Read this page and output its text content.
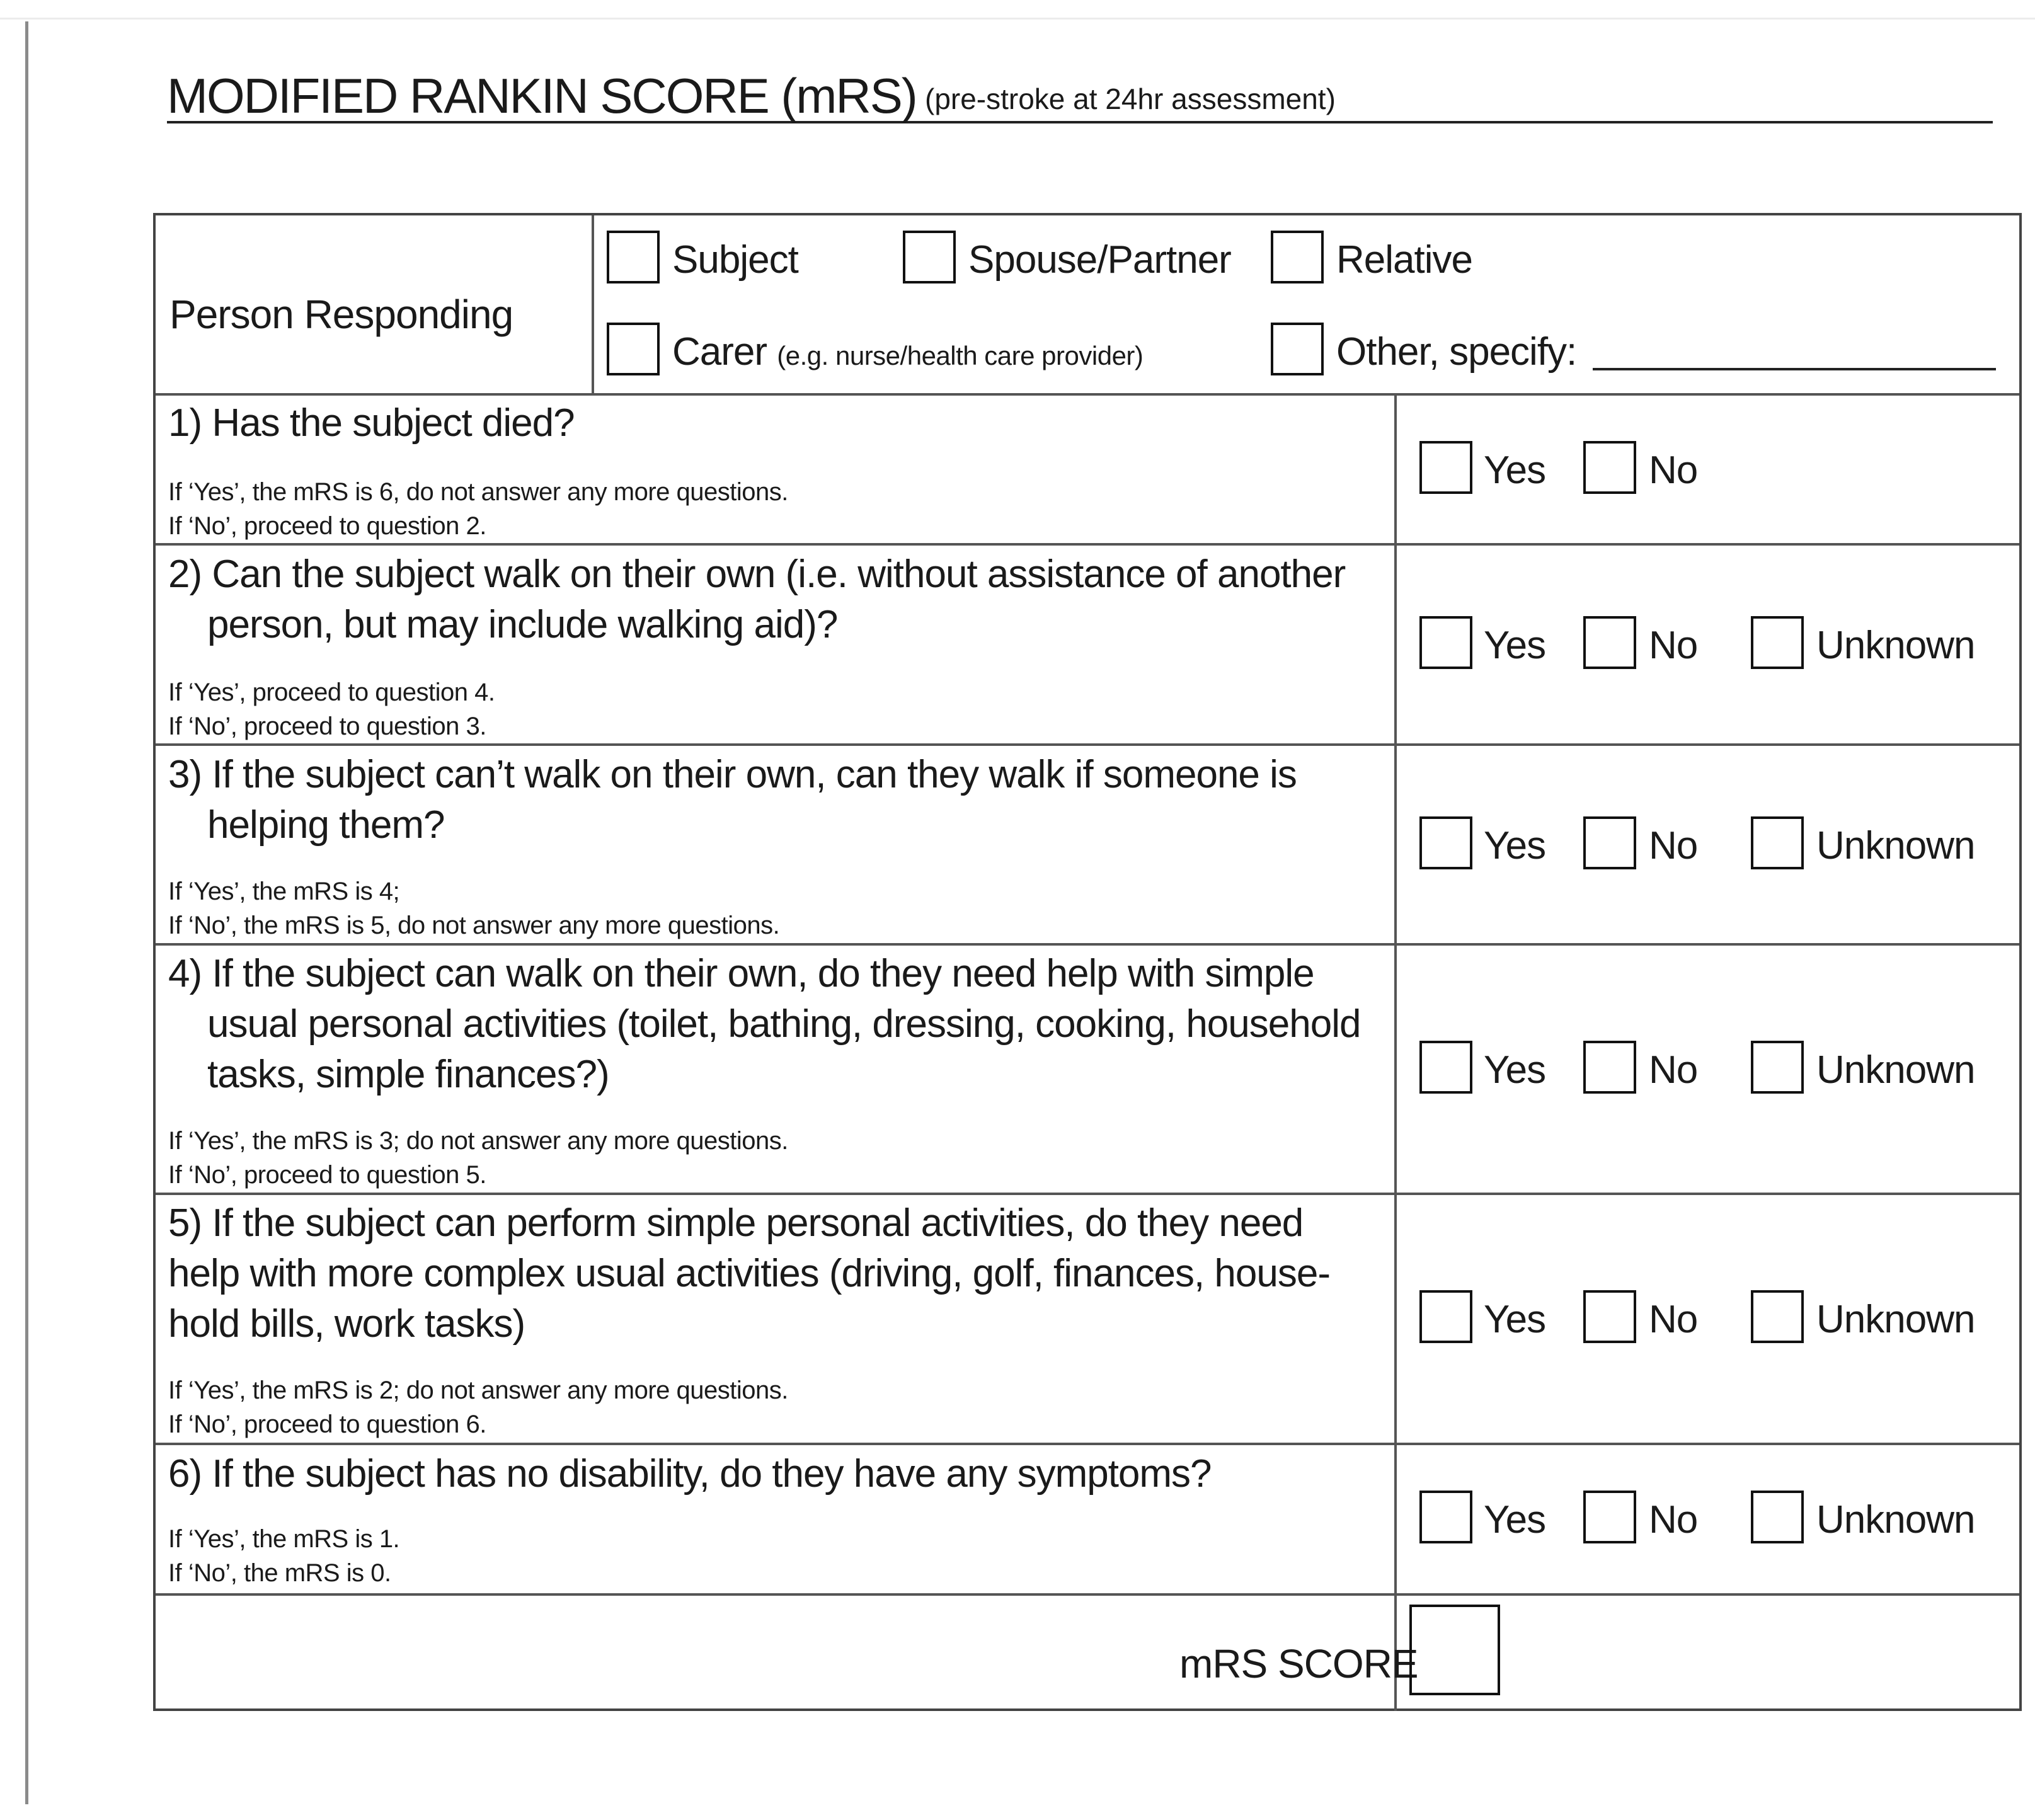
MODIFIED RANKIN SCORE (mRS) (pre-stroke at 24hr assessment)
Person Responding
Subject	Spouse/Partner	Relative
Carer (e.g. nurse/health care provider)	Other, specify:
1) Has the subject died?
If ‘Yes’, the mRS is 6, do not answer any more questions.
If ‘No’, proceed to question 2.
Yes	No
2) Can the subject walk on their own (i.e. without assistance of another
person, but may include walking aid)?
If ‘Yes’, proceed to question 4.
If ‘No’, proceed to question 3.
Yes	No	Unknown
3) If the subject can’t walk on their own, can they walk if someone is
helping them?
If ‘Yes’, the mRS is 4;
If ‘No’, the mRS is 5, do not answer any more questions.
Yes	No	Unknown
4) If the subject can walk on their own, do they need help with simple
usual personal activities (toilet, bathing, dressing, cooking, household
tasks, simple finances?)
If ‘Yes’, the mRS is 3; do not answer any more questions.
If ‘No’, proceed to question 5.
Yes	No	Unknown
5) If the subject can perform simple personal activities, do they need
help with more complex usual activities (driving, golf, finances, house-
hold bills, work tasks)
If ‘Yes’, the mRS is 2; do not answer any more questions.
If ‘No’, proceed to question 6.
Yes	No	Unknown
6) If the subject has no disability, do they have any symptoms?
If ‘Yes’, the mRS is 1.
If ‘No’, the mRS is 0.
Yes	No	Unknown
mRS SCORE
